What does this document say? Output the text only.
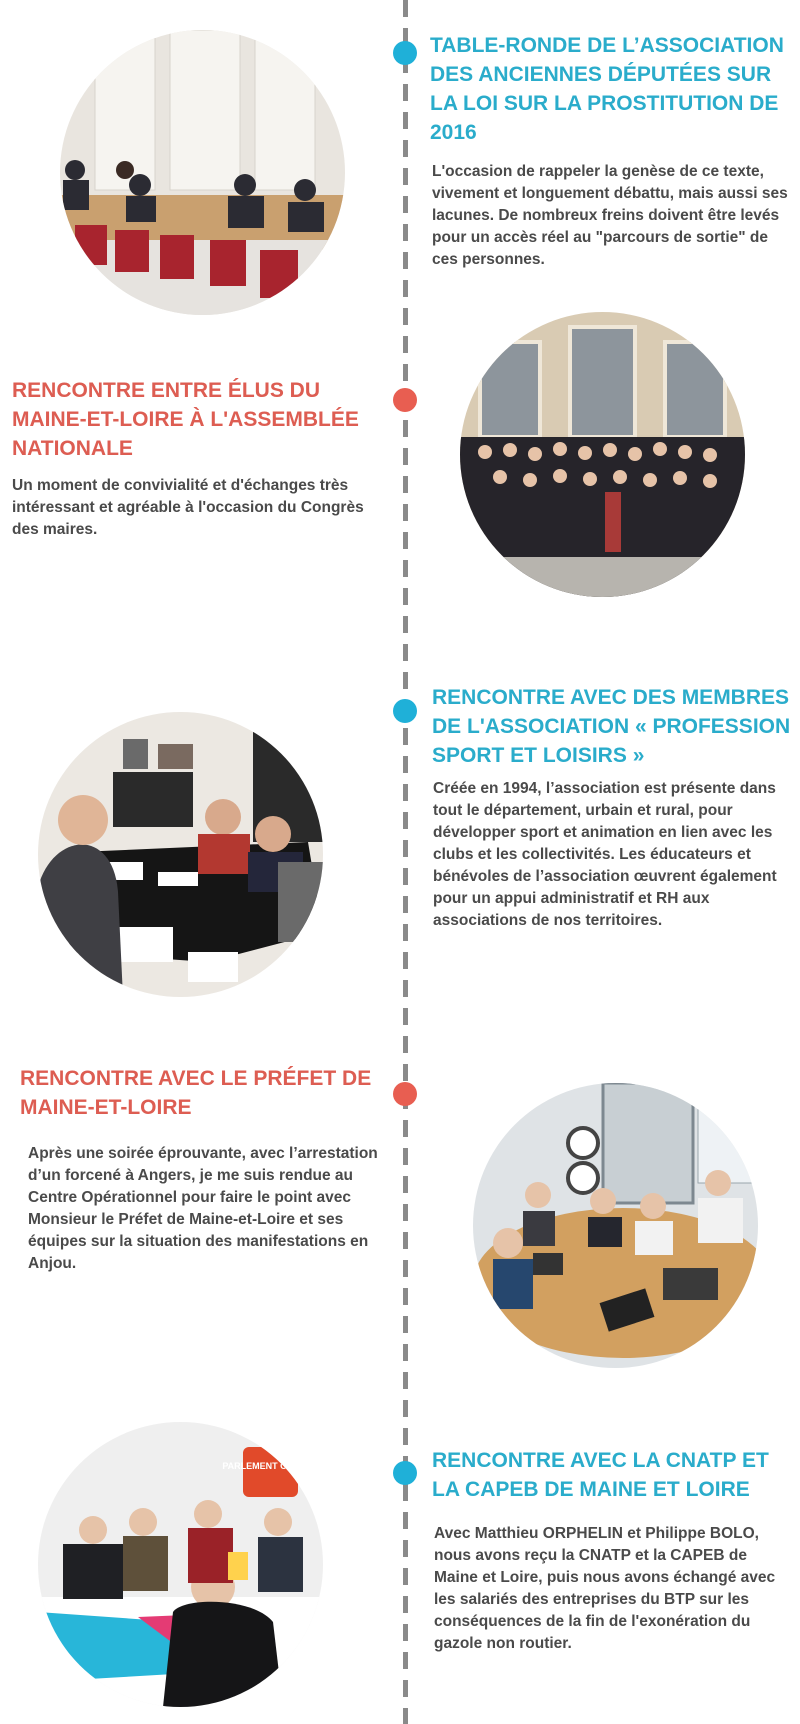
TABLE-RONDE DE L’ASSOCIATION DES ANCIENNES DÉPUTÉES SUR LA LOI SUR LA PROSTITUTION DE 2016

L'occasion de rappeler la genèse de ce texte, vivement et longuement débattu, mais aussi ses lacunes. De nombreux freins doivent être levés pour un accès réel au "parcours de sortie" de ces personnes.

RENCONTRE ENTRE ÉLUS DU MAINE-ET-LOIRE À L'ASSEMBLÉE NATIONALE

Un moment de convivialité et d'échanges très intéressant et agréable à l'occasion du Congrès des maires.

RENCONTRE AVEC DES MEMBRES DE L'ASSOCIATION « PROFESSION SPORT ET LOISIRS »

Créée en 1994, l’association est présente dans tout le département, urbain et rural, pour développer sport et animation en lien avec les clubs et les collectivités. Les éducateurs et bénévoles de l’association œuvrent également pour un appui administratif et RH aux associations de nos territoires.

RENCONTRE AVEC LE PRÉFET DE MAINE-ET-LOIRE

Après une soirée éprouvante, avec l’arrestation d’un forcené à Angers, je me suis rendue au Centre Opérationnel pour faire le point avec Monsieur le Préfet de Maine-et-Loire et ses équipes sur la situation des manifestations en Anjou.

PARLEMENT OUVERT	RENCONTRE AVEC LA CNATP ET LA CAPEB DE MAINE ET LOIRE

Avec Matthieu ORPHELIN et Philippe BOLO, nous avons reçu la CNATP et la CAPEB de Maine et Loire, puis nous avons échangé avec les salariés des entreprises du BTP sur les conséquences de la fin de l'exonération du gazole non routier.
